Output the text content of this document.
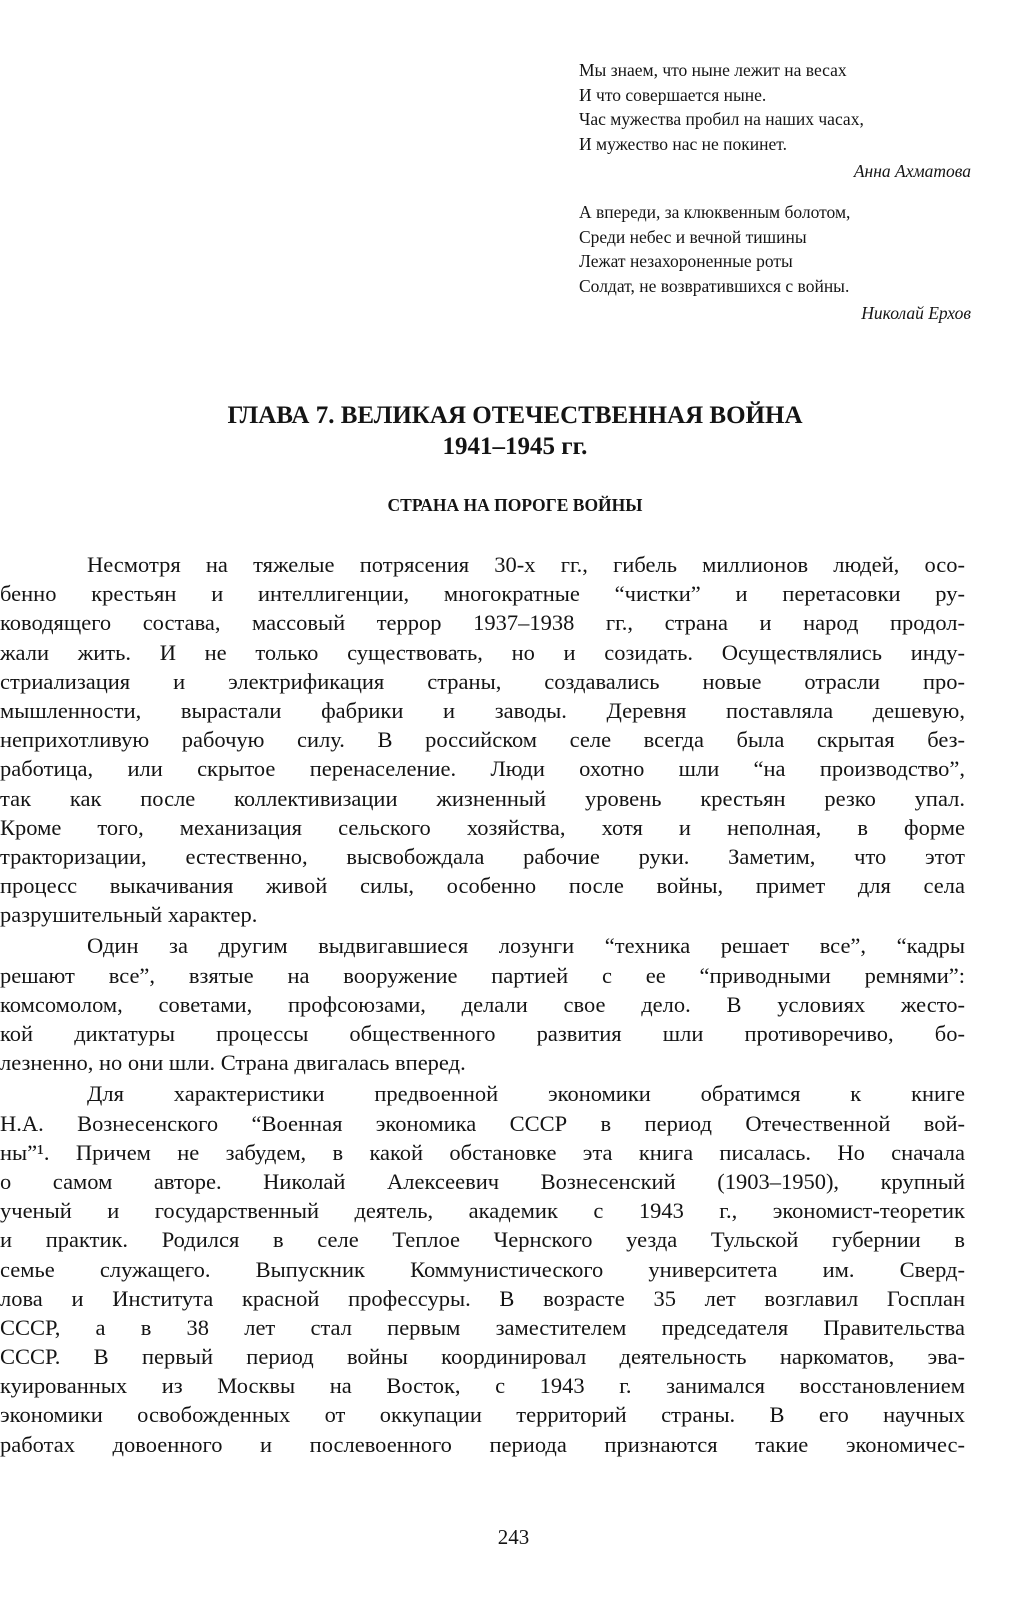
Мы знаем, что ныне лежит на весах
И что совершается ныне.
Час мужества пробил на наших часах,
И мужество нас не покинет.
Анна Ахматова
А впереди, за клюквенным болотом,
Среди небес и вечной тишины
Лежат незахороненные роты
Солдат, не возвратившихся с войны.
Николай Ерхов
ГЛАВА 7. ВЕЛИКАЯ ОТЕЧЕСТВЕННАЯ ВОЙНА
1941–1945 гг.
СТРАНА НА ПОРОГЕ ВОЙНЫ
Несмотря на тяжелые потрясения 30-х гг., гибель миллионов людей, осо-
бенно крестьян и интеллигенции, многократные “чистки” и перетасовки ру-
ководящего состава, массовый террор 1937–1938 гг., страна и народ продол-
жали жить. И не только существовать, но и созидать. Осуществлялись инду-
стриализация и электрификация страны, создавались новые отрасли про-
мышленности, вырастали фабрики и заводы. Деревня поставляла дешевую,
неприхотливую рабочую силу. В российском селе всегда была скрытая без-
работица, или скрытое перенаселение. Люди охотно шли “на производство”,
так как после коллективизации жизненный уровень крестьян резко упал.
Кроме того, механизация сельского хозяйства, хотя и неполная, в форме
тракторизации, естественно, высвобождала рабочие руки. Заметим, что этот
процесс выкачивания живой силы, особенно после войны, примет для села
разрушительный характер.
Один за другим выдвигавшиеся лозунги “техника решает все”, “кадры
решают все”, взятые на вооружение партией с ее “приводными ремнями”:
комсомолом, советами, профсоюзами, делали свое дело. В условиях жесто-
кой диктатуры процессы общественного развития шли противоречиво, бо-
лезненно, но они шли. Страна двигалась вперед.
Для характеристики предвоенной экономики обратимся к книге
Н.А. Вознесенского “Военная экономика СССР в период Отечественной вой-
ны”¹. Причем не забудем, в какой обстановке эта книга писалась. Но сначала
о самом авторе. Николай Алексеевич Вознесенский (1903–1950), крупный
ученый и государственный деятель, академик с 1943 г., экономист-теоретик
и практик. Родился в селе Теплое Чернского уезда Тульской губернии в
семье служащего. Выпускник Коммунистического университета им. Сверд-
лова и Института красной профессуры. В возрасте 35 лет возглавил Госплан
СССР, а в 38 лет стал первым заместителем председателя Правительства
СССР. В первый период войны координировал деятельность наркоматов, эва-
куированных из Москвы на Восток, с 1943 г. занимался восстановлением
экономики освобожденных от оккупации территорий страны. В его научных
работах довоенного и послевоенного периода признаются такие экономичес-
243
